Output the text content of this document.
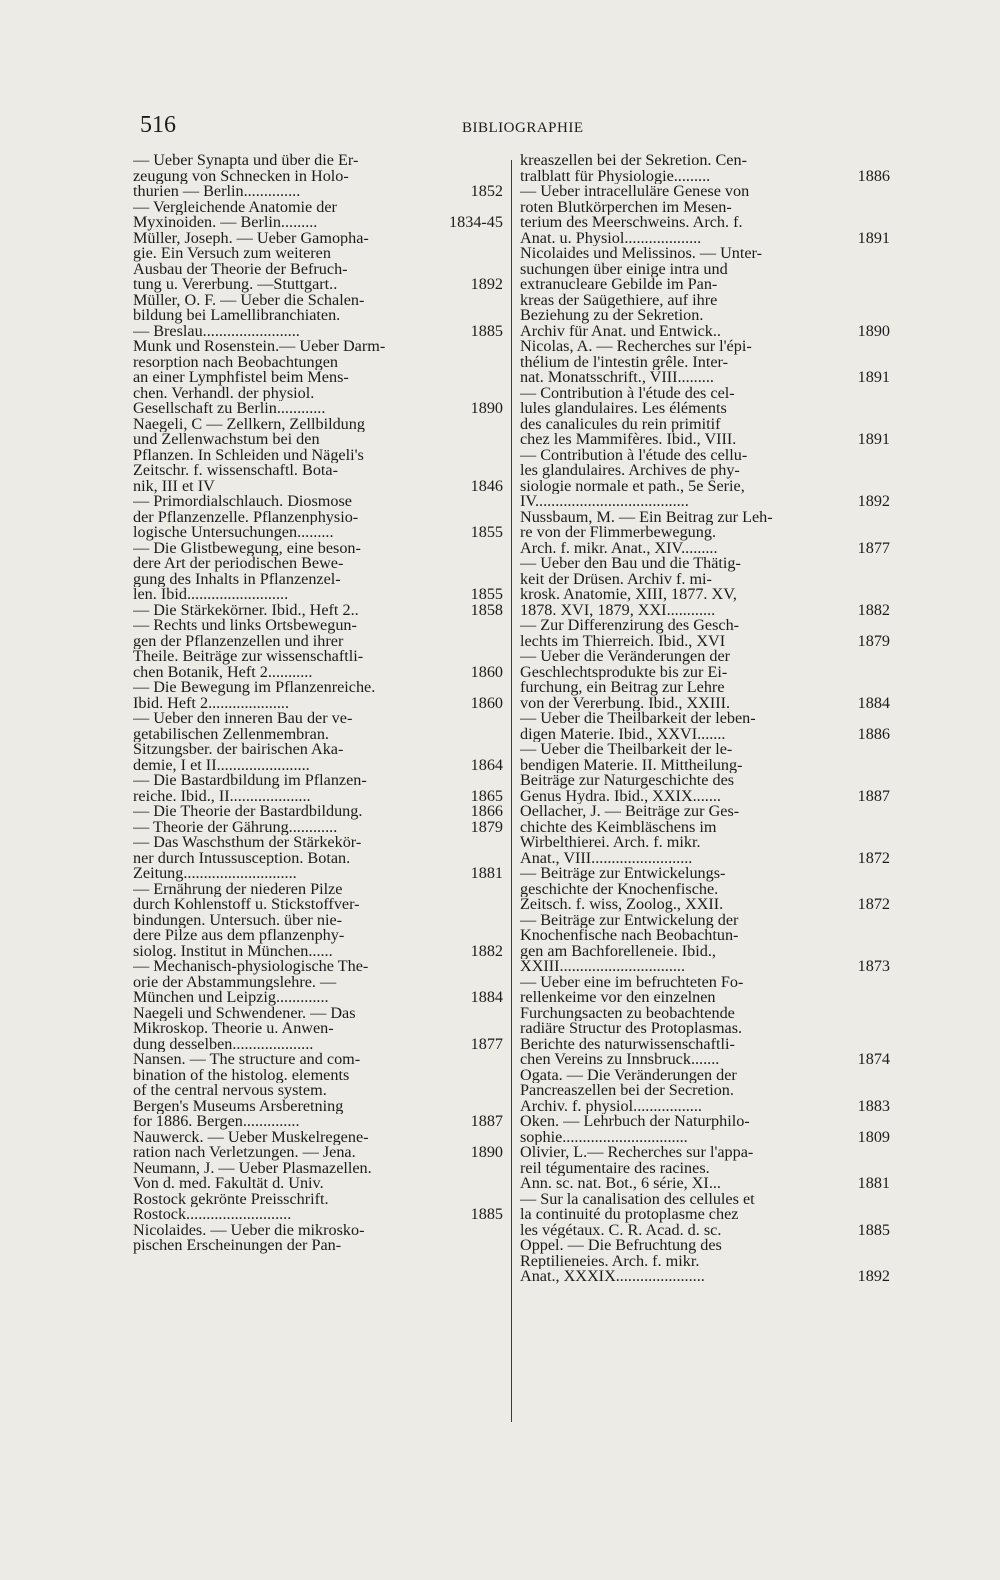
516	BIBLIOGRAPHIE
— Ueber Synapta und über die Er-
zeugung von Schnecken in Holo-
thurien — Berlin..............	1852
— Vergleichende Anatomie der
Myxinoiden. — Berlin.........	1834-45
Müller, Joseph. — Ueber Gamopha-
gie. Ein Versuch zum weiteren
Ausbau der Theorie der Befruch-
tung u. Vererbung. —Stuttgart..	1892
Müller, O. F. — Ueber die Schalen-
bildung bei Lamellibranchiaten.
— Breslau........................	1885
Munk und Rosenstein.— Ueber Darm-
resorption nach Beobachtungen
an einer Lymphfistel beim Mens-
chen. Verhandl. der physiol.
Gesellschaft zu Berlin............	1890
Naegeli, C — Zellkern, Zellbildung
und Zellenwachstum bei den
Pflanzen. In Schleiden und Nägeli's
Zeitschr. f. wissenschaftl. Bota-
nik, III et IV	1846
— Primordialschlauch. Diosmose
der Pflanzenzelle. Pflanzenphysio-
logische Untersuchungen.........	1855
— Die Glistbewegung, eine beson-
dere Art der periodischen Bewe-
gung des Inhalts in Pflanzenzel-
len. Ibid.........................	1855
— Die Stärkekörner. Ibid., Heft 2..	1858
— Rechts und links Ortsbewegun-
gen der Pflanzenzellen und ihrer
Theile. Beiträge zur wissenschaftli-
chen Botanik, Heft 2...........	1860
— Die Bewegung im Pflanzenreiche.
Ibid. Heft 2....................	1860
— Ueber den inneren Bau der ve-
getabilischen Zellenmembran.
Sitzungsber. der bairischen Aka-
demie, I et II.......................	1864
— Die Bastardbildung im Pflanzen-
reiche. Ibid., II....................	1865
— Die Theorie der Bastardbildung.	1866
— Theorie der Gährung............	1879
— Das Waschsthum der Stärkekör-
ner durch Intussusception. Botan.
Zeitung............................	1881
— Ernährung der niederen Pilze
durch Kohlenstoff u. Stickstoffver-
bindungen. Untersuch. über nie-
dere Pilze aus dem pflanzenphy-
siolog. Institut in München......	1882
— Mechanisch-physiologische The-
orie der Abstammungslehre. —
München und Leipzig.............	1884
Naegeli und Schwendener. — Das
Mikroskop. Theorie u. Anwen-
dung desselben....................	1877
Nansen. — The structure and com-
bination of the histolog. elements
of the central nervous system.
Bergen's Museums Arsberetning
for 1886. Bergen..............	1887
Nauwerck. — Ueber Muskelregene-
ration nach Verletzungen. — Jena.	1890
Neumann, J. — Ueber Plasmazellen.
Von d. med. Fakultät d. Univ.
Rostock gekrönte Preisschrift.
Rostock..........................	1885
Nicolaides. — Ueber die mikrosko-
pischen Erscheinungen der Pan-
kreaszellen bei der Sekretion. Cen-
tralblatt für Physiologie.........	1886
— Ueber intracelluläre Genese von
roten Blutkörperchen im Mesen-
terium des Meerschweins. Arch. f.
Anat. u. Physiol...................	1891
Nicolaides und Melissinos. — Unter-
suchungen über einige intra und
extranucleare Gebilde im Pan-
kreas der Saügethiere, auf ihre
Beziehung zu der Sekretion.
Archiv für Anat. und Entwick..	1890
Nicolas, A. — Recherches sur l'épi-
thélium de l'intestin grêle. Inter-
nat. Monatsschrift., VIII.........	1891
— Contribution à l'étude des cel-
lules glandulaires. Les éléments
des canalicules du rein primitif
chez les Mammifères. Ibid., VIII.	1891
— Contribution à l'étude des cellu-
les glandulaires. Archives de phy-
siologie normale et path., 5e Serie,
IV......................................	1892
Nussbaum, M. — Ein Beitrag zur Leh-
re von der Flimmerbewegung.
Arch. f. mikr. Anat., XIV.........	1877
— Ueber den Bau und die Thätig-
keit der Drüsen. Archiv f. mi-
krosk. Anatomie, XIII, 1877. XV,
1878. XVI, 1879, XXI............	1882
— Zur Differenzirung des Gesch-
lechts im Thierreich. Ibid., XVI	1879
— Ueber die Veränderungen der
Geschlechtsprodukte bis zur Ei-
furchung, ein Beitrag zur Lehre
von der Vererbung. Ibid., XXIII.	1884
— Ueber die Theilbarkeit der leben-
digen Materie. Ibid., XXVI.......	1886
— Ueber die Theilbarkeit der le-
bendigen Materie. II. Mittheilung-
Beiträge zur Naturgeschichte des
Genus Hydra. Ibid., XXIX.......	1887
Oellacher, J. — Beiträge zur Ges-
chichte des Keimbläschens im
Wirbelthierei. Arch. f. mikr.
Anat., VIII.........................	1872
— Beiträge zur Entwickelungs-
geschichte der Knochenfische.
Zeitsch. f. wiss, Zoolog., XXII.	1872
— Beiträge zur Entwickelung der
Knochenfische nach Beobachtun-
gen am Bachforelleneie. Ibid.,
XXIII...............................	1873
— Ueber eine im befruchteten Fo-
rellenkeime vor den einzelnen
Furchungsacten zu beobachtende
radiäre Structur des Protoplasmas.
Berichte des naturwissenschaftli-
chen Vereins zu Innsbruck.......	1874
Ogata. — Die Veränderungen der
Pancreaszellen bei der Secretion.
Archiv. f. physiol.................	1883
Oken. — Lehrbuch der Naturphilo-
sophie...............................	1809
Olivier, L.— Recherches sur l'appa-
reil tégumentaire des racines.
Ann. sc. nat. Bot., 6 série, XI...	1881
— Sur la canalisation des cellules et
la continuité du protoplasme chez
les végétaux. C. R. Acad. d. sc.	1885
Oppel. — Die Befruchtung des
Reptilieneies. Arch. f. mikr.
Anat., XXXIX......................	1892
